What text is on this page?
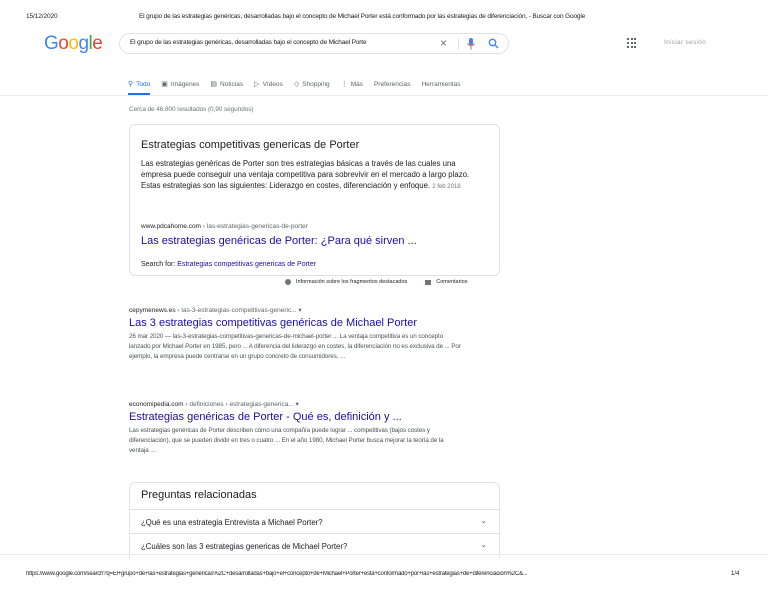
15/12/2020	El grupo de las estrategias genéricas, desarrolladas bajo el concepto de Michael Porter está conformado por las estrategias de diferenciación, - Buscar con Google
Google	El grupo de las estrategias genéricas, desarrolladas bajo el concepto de Michael Porte	×	Iniciar sesión
⚲ Todo ▣ Imágenes ▤ Noticias ▷ Vídeos ◇ Shopping ⋮ Más Preferencias Herramientas
Cerca de 46.800 resultados (0,90 segundos)
Estrategias competitivas genericas de Porter
Las estrategias genéricas de Porter son tres estrategias básicas a través de las cuales una empresa puede conseguir una ventaja competitiva para sobrevivir en el mercado a largo plazo. Estas estrategias son las siguientes: Liderazgo en costes, diferenciación y enfoque. 2 feb 2018
www.pdcahome.com › las-estrategias-genericas-de-porter
Las estrategias genéricas de Porter: ¿Para qué sirven ...
Search for: Estrategias competitivas genericas de Porter
Información sobre los fragmentos destacados	Comentarios
cepymenews.es › las-3-estrategias-competitivas-generic... ▾
Las 3 estrategias competitivas genéricas de Michael Porter
26 mar 2020 — las-3-estrategias-competitivas-genericas-de-michael-porter ... La ventaja competitiva es un concepto lanzado por Michael Porter en 1985, pero ... A diferencia del liderazgo en costes, la diferenciación no es exclusiva de ... Por ejemplo, la empresa puede centrarse en un grupo concreto de consumidores, ...
economipedia.com › definiciones › estrategias-generica... ▾
Estrategias genéricas de Porter - Qué es, definición y ...
Las estrategias genéricas de Porter describen cómo una compañía puede lograr ... competitivas (bajos costes y diferenciación), que se pueden dividir en tres o cuatro ... En el año 1980, Michael Porter busca mejorar la teoría de la ventaja ...
Preguntas relacionadas
¿Qué es una estrategia Entrevista a Michael Porter?	⌄
¿Cuáles son las 3 estrategias genericas de Michael Porter?	⌄
https://www.google.com/search?q=El+grupo+de+las+estrategias+genéricas%2C+desarrolladas+bajo+el+concepto+de+Michael+Porter+está+conformado+por+las+estrategias+de+diferenciación%2C&...	1/4
